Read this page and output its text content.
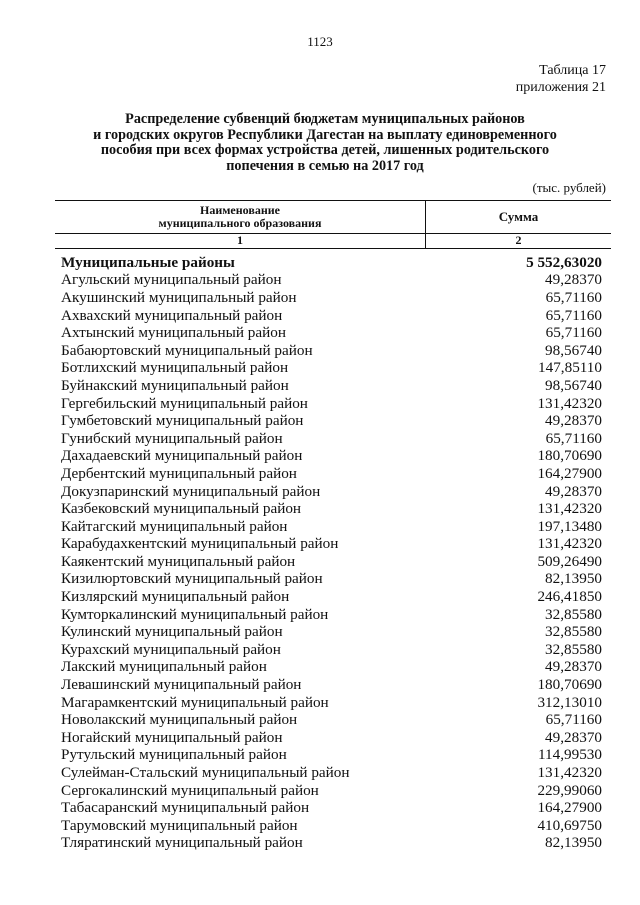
1123
Таблица 17
приложения 21
Распределение субвенций бюджетам муниципальных районов
и городских округов Республики Дагестан на выплату единовременного
пособия при всех формах устройства детей, лишенных родительского
попечения в семью на 2017 год
(тыс. рублей)
Наименование
муниципального образования	Сумма
1	2
Муниципальные районы	5 552,63020
Агульский муниципальный район	49,28370
Акушинский муниципальный район	65,71160
Ахвахский муниципальный район	65,71160
Ахтынский муниципальный район	65,71160
Бабаюртовский муниципальный район	98,56740
Ботлихский муниципальный район	147,85110
Буйнакский муниципальный район	98,56740
Гергебильский муниципальный район	131,42320
Гумбетовский муниципальный район	49,28370
Гунибский муниципальный район	65,71160
Дахадаевский муниципальный район	180,70690
Дербентский муниципальный район	164,27900
Докузпаринский муниципальный район	49,28370
Казбековский муниципальный район	131,42320
Кайтагский муниципальный район	197,13480
Карабудахкентский муниципальный район	131,42320
Каякентский муниципальный район	509,26490
Кизилюртовский муниципальный район	82,13950
Кизлярский муниципальный район	246,41850
Кумторкалинский муниципальный район	32,85580
Кулинский муниципальный район	32,85580
Курахский муниципальный район	32,85580
Лакский муниципальный район	49,28370
Левашинский муниципальный район	180,70690
Магарамкентский муниципальный район	312,13010
Новолакский муниципальный район	65,71160
Ногайский муниципальный район	49,28370
Рутульский муниципальный район	114,99530
Сулейман-Стальский муниципальный район	131,42320
Сергокалинский муниципальный район	229,99060
Табасаранский муниципальный район	164,27900
Тарумовский муниципальный район	410,69750
Тляратинский муниципальный район	82,13950
